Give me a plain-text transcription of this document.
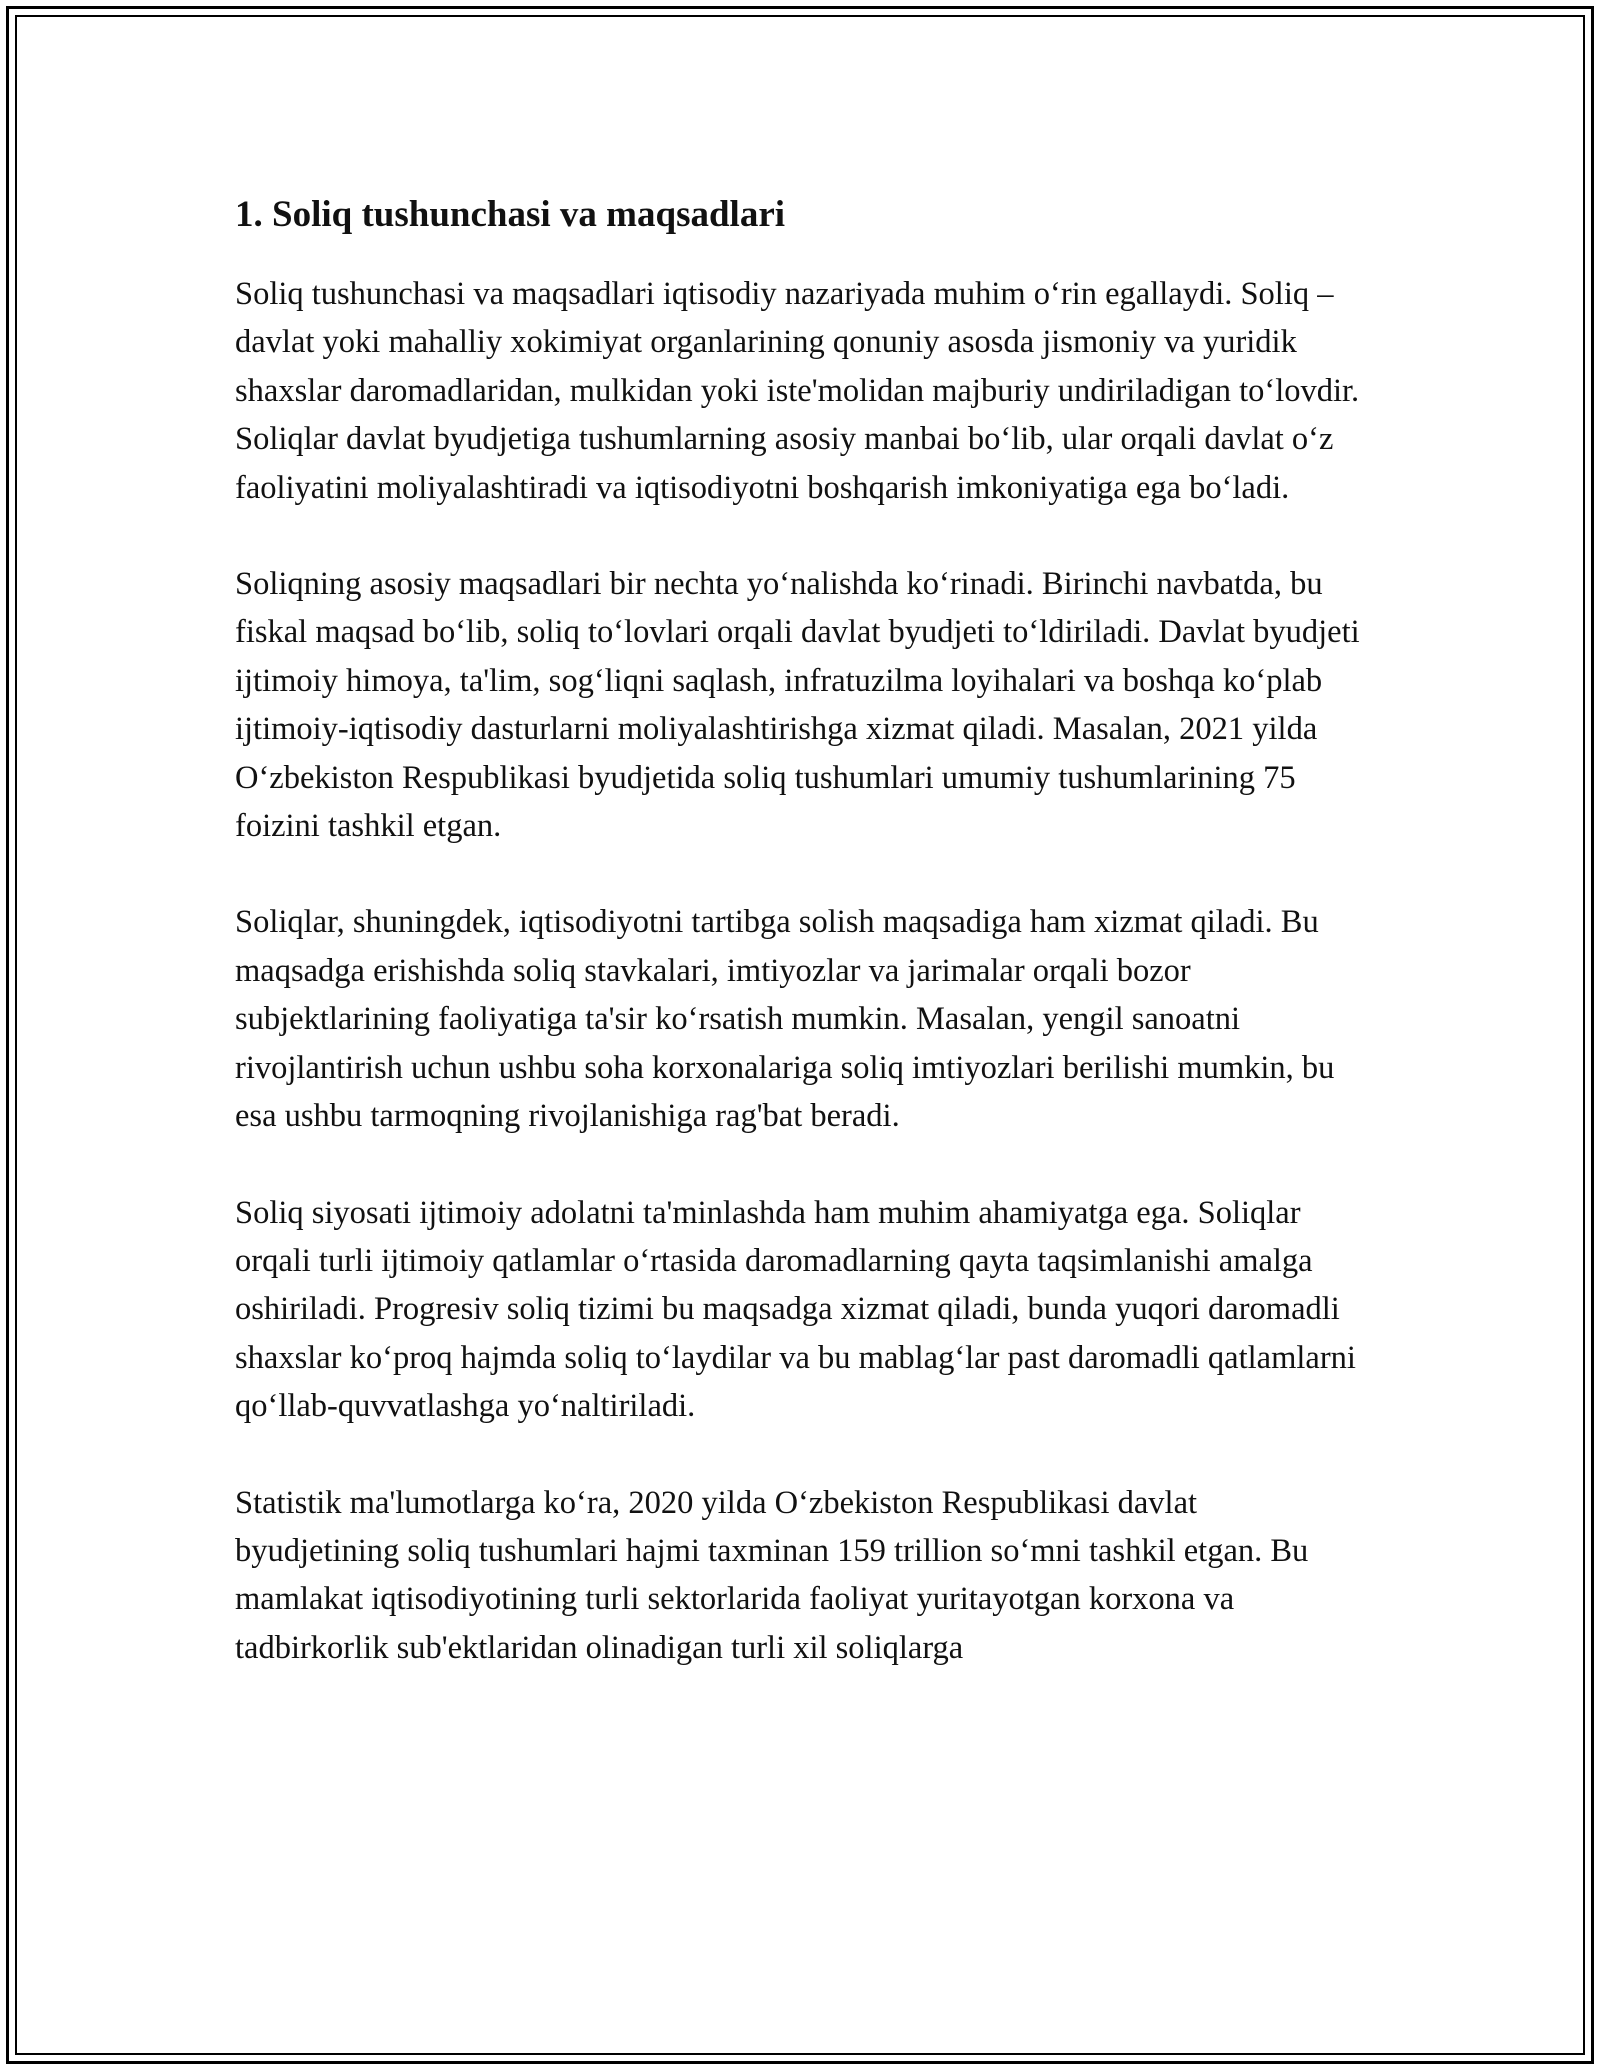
1. Soliq tushunchasi va maqsadlari

Soliq tushunchasi va maqsadlari iqtisodiy nazariyada muhim o‘rin egallaydi. Soliq – davlat yoki mahalliy xokimiyat organlarining qonuniy asosda jismoniy va yuridik shaxslar daromadlaridan, mulkidan yoki iste'molidan majburiy undiriladigan to‘lovdir. Soliqlar davlat byudjetiga tushumlarning asosiy manbai bo‘lib, ular orqali davlat o‘z faoliyatini moliyalashtiradi va iqtisodiyotni boshqarish imkoniyatiga ega bo‘ladi.

Soliqning asosiy maqsadlari bir nechta yo‘nalishda ko‘rinadi. Birinchi navbatda, bu fiskal maqsad bo‘lib, soliq to‘lovlari orqali davlat byudjeti to‘ldiriladi. Davlat byudjeti ijtimoiy himoya, ta'lim, sog‘liqni saqlash, infratuzilma loyihalari va boshqa ko‘plab ijtimoiy-iqtisodiy dasturlarni moliyalashtirishga xizmat qiladi. Masalan, 2021 yilda O‘zbekiston Respublikasi byudjetida soliq tushumlari umumiy tushumlarining 75 foizini tashkil etgan.

Soliqlar, shuningdek, iqtisodiyotni tartibga solish maqsadiga ham xizmat qiladi. Bu maqsadga erishishda soliq stavkalari, imtiyozlar va jarimalar orqali bozor subjektlarining faoliyatiga ta'sir ko‘rsatish mumkin. Masalan, yengil sanoatni rivojlantirish uchun ushbu soha korxonalariga soliq imtiyozlari berilishi mumkin, bu esa ushbu tarmoqning rivojlanishiga rag'bat beradi.

Soliq siyosati ijtimoiy adolatni ta'minlashda ham muhim ahamiyatga ega. Soliqlar orqali turli ijtimoiy qatlamlar o‘rtasida daromadlarning qayta taqsimlanishi amalga oshiriladi. Progresiv soliq tizimi bu maqsadga xizmat qiladi, bunda yuqori daromadli shaxslar ko‘proq hajmda soliq to‘laydilar va bu mablag‘lar past daromadli qatlamlarni qo‘llab-quvvatlashga yo‘naltiriladi.

Statistik ma'lumotlarga ko‘ra, 2020 yilda O‘zbekiston Respublikasi davlat byudjetining soliq tushumlari hajmi taxminan 159 trillion so‘mni tashkil etgan. Bu mamlakat iqtisodiyotining turli sektorlarida faoliyat yuritayotgan korxona va tadbirkorlik sub'ektlaridan olinadigan turli xil soliqlarga
